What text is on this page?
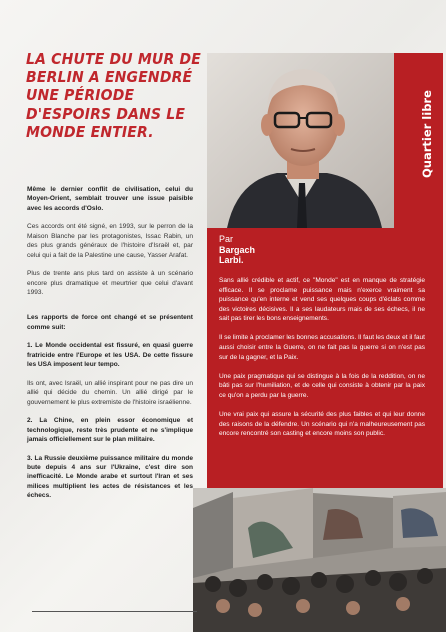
LA CHUTE DU MUR DE
BERLIN A ENGENDRÉ
UNE PÉRIODE
D'ESPOIRS DANS LE
MONDE ENTIER.	Quartier libre
Par
Bargach
Larbi.

Même le dernier conflit de civilisation, celui du Moyen-Orient, semblait trouver une issue paisible avec les accords d'Oslo.

Ces accords ont été signé, en 1993, sur le perron de la Maison Blanche par les protagonistes, Issac Rabin, un des plus grands généraux de l'histoire d'Israël et, par celui qui a fait de la Palestine une cause, Yasser Arafat.

Plus de trente ans plus tard on assiste à un scénario encore plus dramatique et meurtrier que celui d'avant 1993.

Les rapports de force ont changé et se présentent comme suit:

1. Le Monde occidental est fissuré, en quasi guerre fratricide entre l'Europe et les USA. De cette fissure les USA imposent leur tempo.

Ils ont, avec Israël, un allié inspirant pour ne pas dire un allié qui décide du chemin. Un allié dirigé par le gouvernement le plus extremiste de l'histoire israélienne.

2. La Chine, en plein essor économique et technologique, reste très prudente et ne s'implique jamais officiellement sur le plan militaire.

3. La Russie deuxième puissance militaire du monde bute depuis 4 ans sur l'Ukraine, c'est dire son inefficacité. Le Monde arabe et surtout l'Iran et ses milices multiplient les actes de résistances et les échecs.

Sans allié crédible et actif, ce "Monde" est en manque de stratégie efficace. Il se proclame puissance mais n'exerce vraiment sa puissance qu'en interne et vend ses quelques coups d'éclats comme des victoires décisives. Il a ses laudateurs mais de ses échecs, il ne sait pas tirer les bons enseignements.

Il se limite à proclamer les bonnes accusations. Il faut les deux et il faut aussi choisir entre la Guerre, on ne fait pas la guerre si on n'est pas sur de la gagner, et la Paix.

Une paix pragmatique qui se distingue à la fois de la reddition, on ne bâti pas sur l'humiliation, et de celle qui consiste à obtenir par la paix ce qu'on a perdu par la guerre.

Une vrai paix qui assure la sécurité des plus faibles et qui leur donne des raisons de la défendre. Un scénario qui n'a malheureusement pas encore rencontré son casting et encore moins son public.
